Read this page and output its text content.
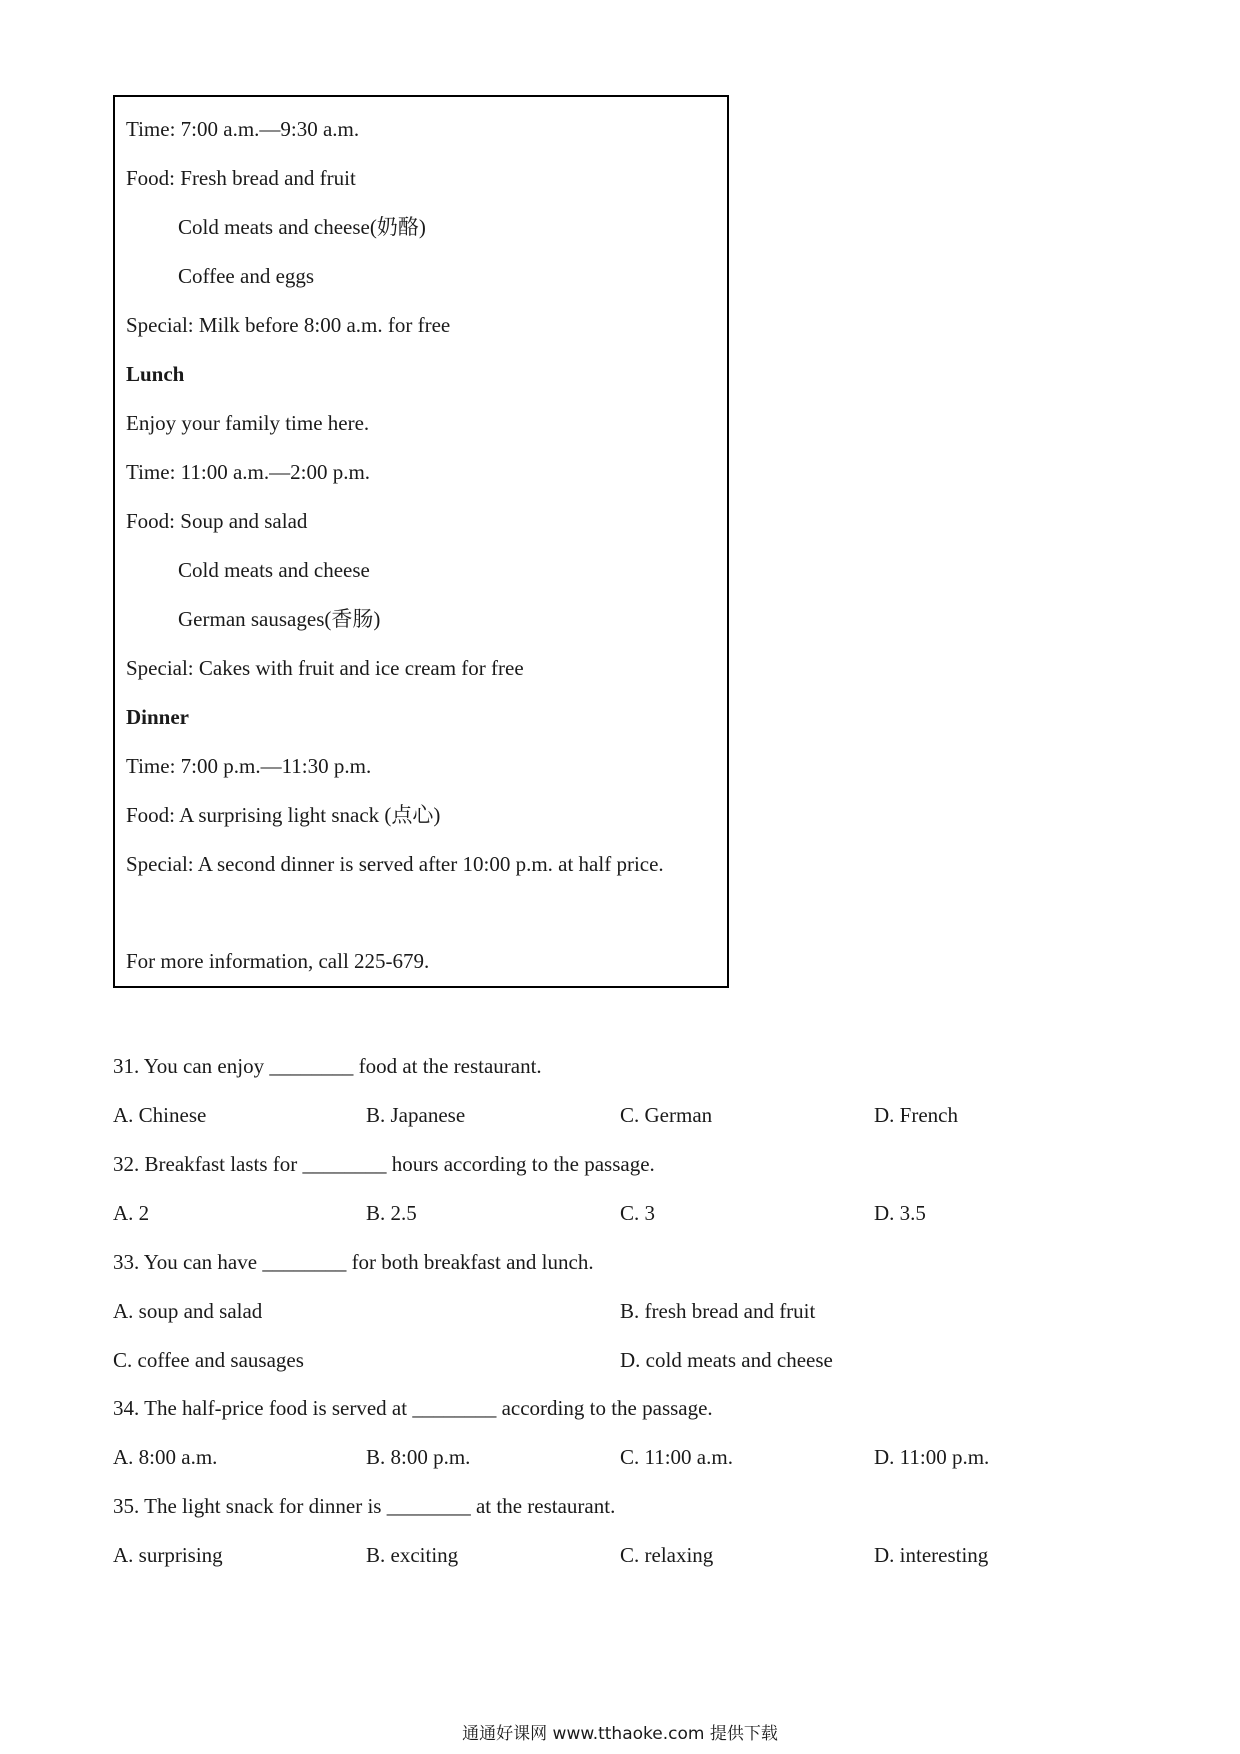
Time: 7:00 a.m.—9:30 a.m.
Food: Fresh bread and fruit
Cold meats and cheese(奶酪)
Coffee and eggs
Special: Milk before 8:00 a.m. for free
Lunch
Enjoy your family time here.
Time: 11:00 a.m.—2:00 p.m.
Food: Soup and salad
Cold meats and cheese
German sausages(香肠)
Special: Cakes with fruit and ice cream for free
Dinner
Time: 7:00 p.m.—11:30 p.m.
Food: A surprising light snack (点心)
Special: A second dinner is served after 10:00 p.m. at half price.
For more information, call 225-679.
31. You can enjoy ________ food at the restaurant.
A. Chinese	B. Japanese	C. German	D. French
32. Breakfast lasts for ________ hours according to the passage.
A. 2	B. 2.5	C. 3	D. 3.5
33. You can have ________ for both breakfast and lunch.
A. soup and salad	B. fresh bread and fruit
C. coffee and sausages	D. cold meats and cheese
34. The half-price food is served at ________ according to the passage.
A. 8:00 a.m.	B. 8:00 p.m.	C. 11:00 a.m.	D. 11:00 p.m.
35. The light snack for dinner is ________ at the restaurant.
A. surprising	B. exciting	C. relaxing	D. interesting
通通好课网 www.tthaoke.com 提供下载
